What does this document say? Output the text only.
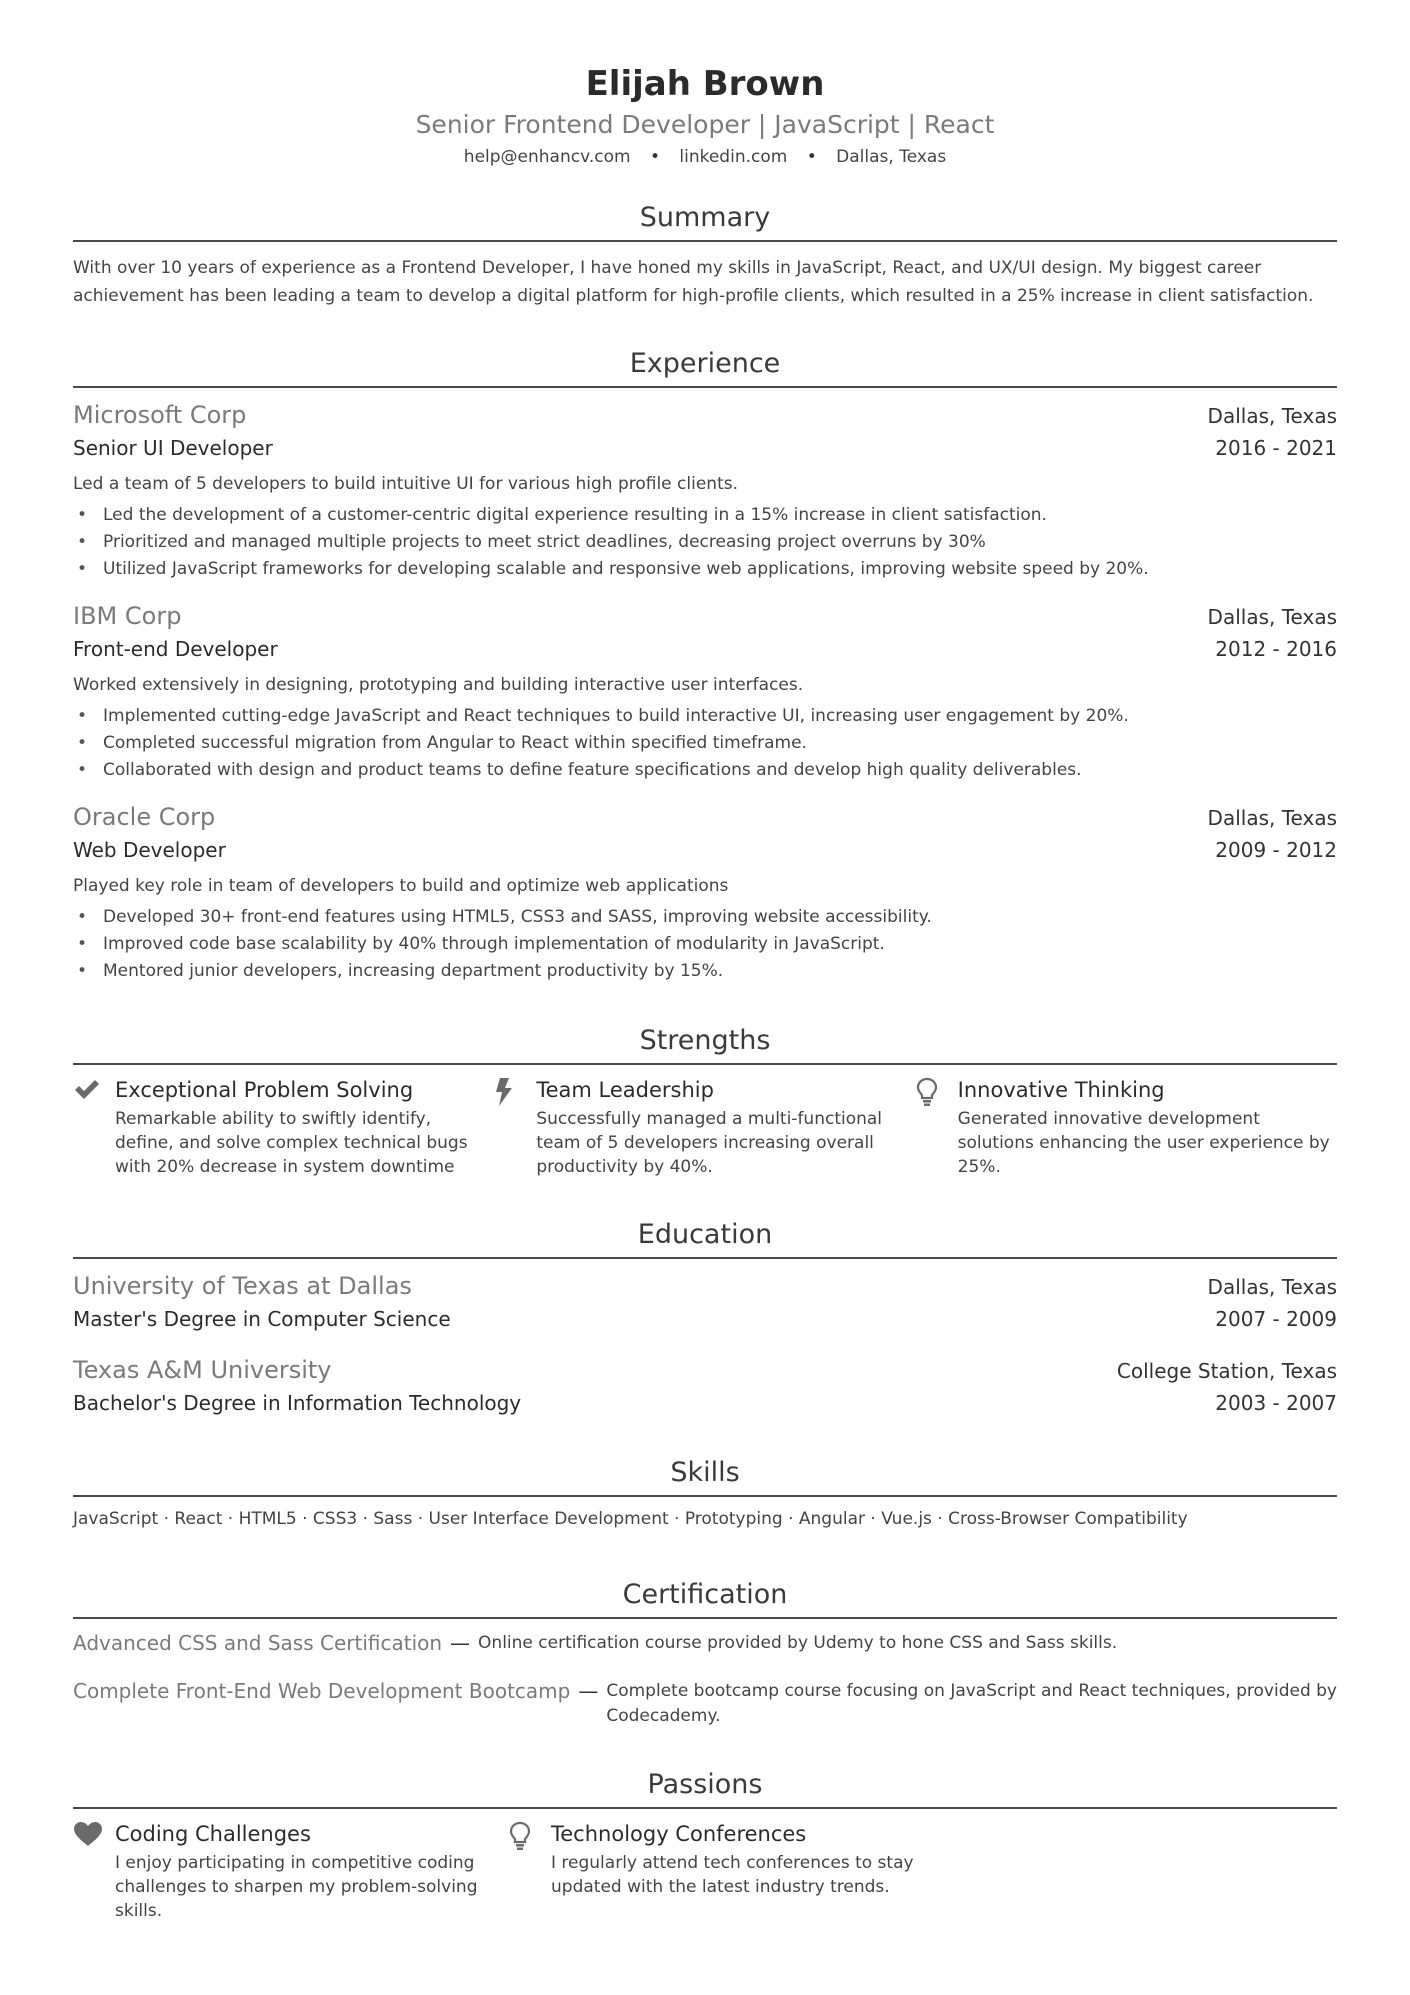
Elijah Brown
Senior Frontend Developer | JavaScript | React
help@enhancv.com • linkedin.com • Dallas, Texas
Summary
With over 10 years of experience as a Frontend Developer, I have honed my skills in JavaScript, React, and UX/UI design. My biggest career achievement has been leading a team to develop a digital platform for high-profile clients, which resulted in a 25% increase in client satisfaction.
Experience
Microsoft Corp	Dallas, Texas
Senior UI Developer	2016 - 2021
Led a team of 5 developers to build intuitive UI for various high profile clients.
• Led the development of a customer-centric digital experience resulting in a 15% increase in client satisfaction.
• Prioritized and managed multiple projects to meet strict deadlines, decreasing project overruns by 30%
• Utilized JavaScript frameworks for developing scalable and responsive web applications, improving website speed by 20%.
IBM Corp	Dallas, Texas
Front-end Developer	2012 - 2016
Worked extensively in designing, prototyping and building interactive user interfaces.
• Implemented cutting-edge JavaScript and React techniques to build interactive UI, increasing user engagement by 20%.
• Completed successful migration from Angular to React within specified timeframe.
• Collaborated with design and product teams to define feature specifications and develop high quality deliverables.
Oracle Corp	Dallas, Texas
Web Developer	2009 - 2012
Played key role in team of developers to build and optimize web applications
• Developed 30+ front-end features using HTML5, CSS3 and SASS, improving website accessibility.
• Improved code base scalability by 40% through implementation of modularity in JavaScript.
• Mentored junior developers, increasing department productivity by 15%.
Strengths
Exceptional Problem Solving
Remarkable ability to swiftly identify, define, and solve complex technical bugs with 20% decrease in system downtime
Team Leadership
Successfully managed a multi-functional team of 5 developers increasing overall productivity by 40%.
Innovative Thinking
Generated innovative development solutions enhancing the user experience by 25%.
Education
University of Texas at Dallas	Dallas, Texas
Master's Degree in Computer Science	2007 - 2009
Texas A&M University	College Station, Texas
Bachelor's Degree in Information Technology	2003 - 2007
Skills
JavaScript · React · HTML5 · CSS3 · Sass · User Interface Development · Prototyping · Angular · Vue.js · Cross-Browser Compatibility
Certification
Advanced CSS and Sass Certification — Online certification course provided by Udemy to hone CSS and Sass skills.
Complete Front-End Web Development Bootcamp — Complete bootcamp course focusing on JavaScript and React techniques, provided by Codecademy.
Passions
Coding Challenges
I enjoy participating in competitive coding challenges to sharpen my problem-solving skills.
Technology Conferences
I regularly attend tech conferences to stay updated with the latest industry trends.
